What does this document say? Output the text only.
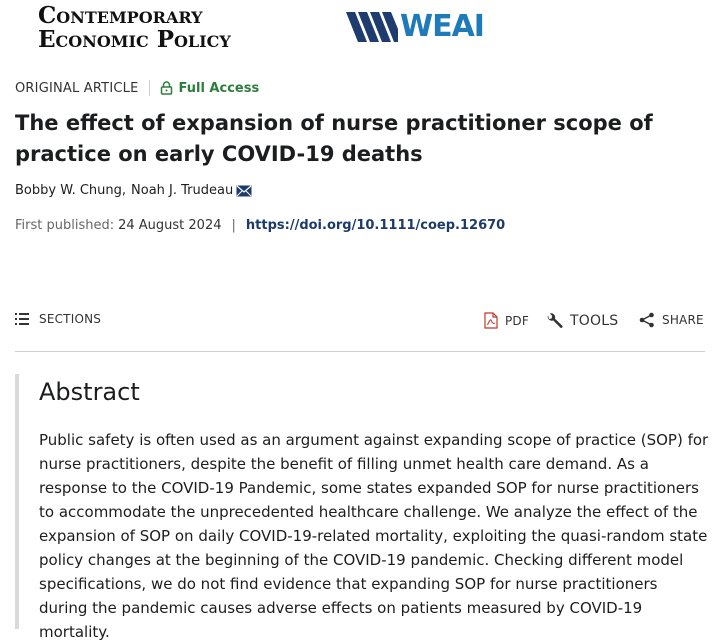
Contemporary
Economic Policy	WEAI
ORIGINAL ARTICLE	Full Access
The effect of expansion of nurse practitioner scope of practice on early COVID-19 deaths
Bobby W. Chung, Noah J. Trudeau
First published: 24 August 2024 | https://doi.org/10.1111/coep.12670
SECTIONS	PDF	TOOLS	SHARE
Abstract

Public safety is often used as an argument against expanding scope of practice (SOP) for nurse practitioners, despite the benefit of filling unmet health care demand. As a response to the COVID-19 Pandemic, some states expanded SOP for nurse practitioners to accommodate the unprecedented healthcare challenge. We analyze the effect of the expansion of SOP on daily COVID-19-related mortality, exploiting the quasi-random state policy changes at the beginning of the COVID-19 pandemic. Checking different model specifications, we do not find evidence that expanding SOP for nurse practitioners during the pandemic causes adverse effects on patients measured by COVID-19 mortality.
